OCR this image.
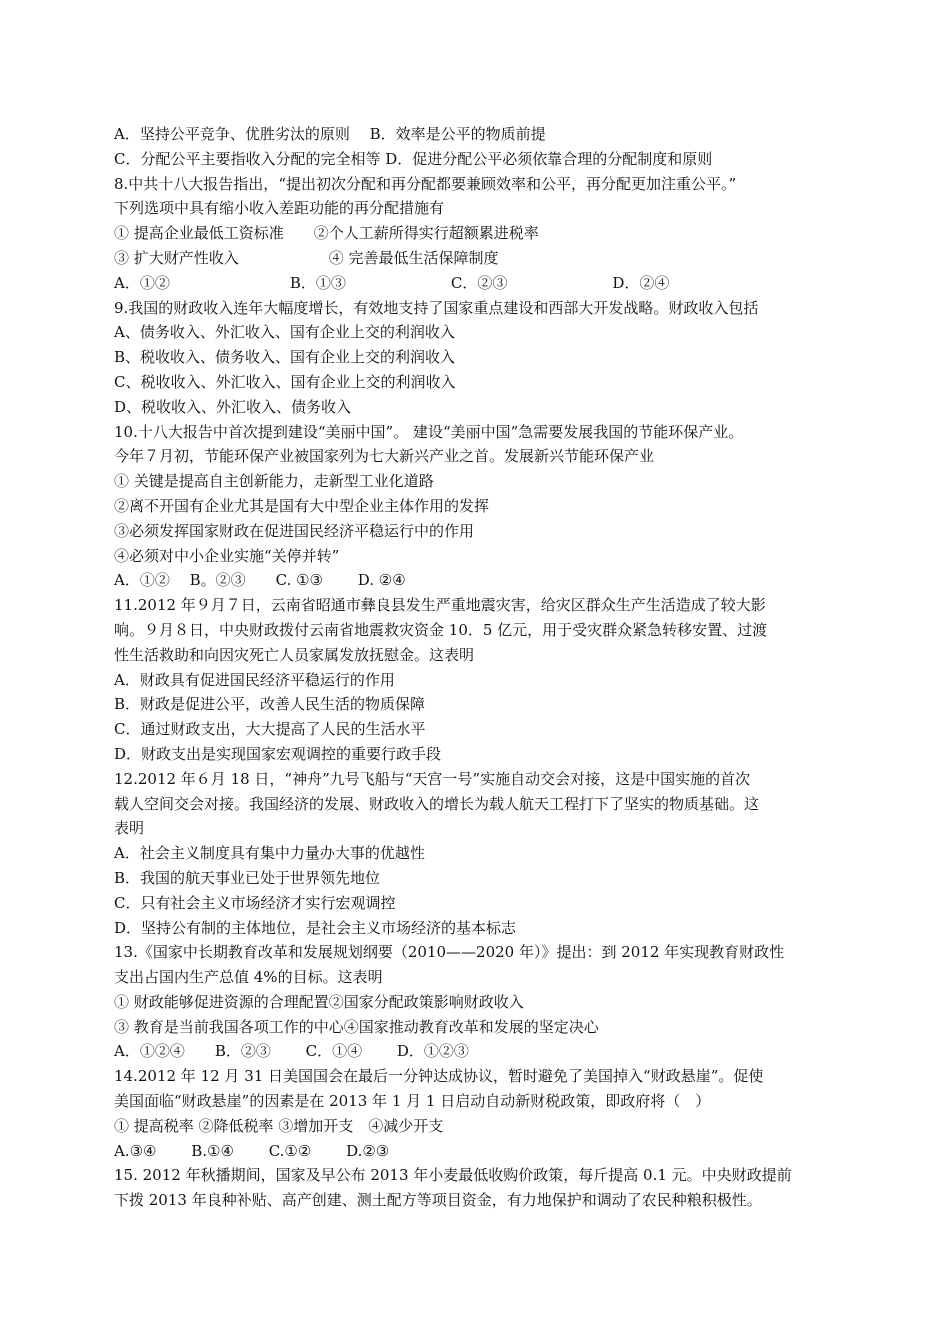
A．坚持公平竞争、优胜劣汰的原则　 B．效率是公平的物质前提
C．分配公平主要指收入分配的完全相等 D．促进分配公平必须依靠合理的分配制度和原则
8.中共十八大报告指出，“提出初次分配和再分配都要兼顾效率和公平，再分配更加注重公平。”
下列选项中具有缩小收入差距功能的再分配措施有
① 提高企业最低工资标准　　②个人工薪所得实行超额累进税率
③ 扩大财产性收入　　　　　　④ 完善最低生活保障制度
A．①②　　　　　　　　B．①③　　　　　　　C．②③　　　　　　　D．②④
9.我国的财政收入连年大幅度增长，有效地支持了国家重点建设和西部大开发战略。财政收入包括
A、债务收入、外汇收入、国有企业上交的利润收入
B、税收收入、债务收入、国有企业上交的利润收入
C、税收收入、外汇收入、国有企业上交的利润收入
D、税收收入、外汇收入、债务收入
10.十八大报告中首次提到建设“美丽中国”。 建设“美丽中国”急需要发展我国的节能环保产业。
今年７月初，节能环保产业被国家列为七大新兴产业之首。发展新兴节能环保产业
① 关键是提高自主创新能力，走新型工业化道路
②离不开国有企业尤其是国有大中型企业主体作用的发挥
③必须发挥国家财政在促进国民经济平稳运行中的作用
④必须对中小企业实施“关停并转”
A．①②　 B。②③　　C. ①③　　 D. ②④
11.2012 年９月７日，云南省昭通市彝良县发生严重地震灾害，给灾区群众生产生活造成了较大影
响。９月８日，中央财政拨付云南省地震救灾资金 10．5 亿元，用于受灾群众紧急转移安置、过渡
性生活救助和向因灾死亡人员家属发放抚慰金。这表明
A．财政具有促进国民经济平稳运行的作用
B．财政是促进公平，改善人民生活的物质保障
C．通过财政支出，大大提高了人民的生活水平
D．财政支出是实现国家宏观调控的重要行政手段
12.2012 年６月 18 日，“神舟”九号飞船与“天宫一号”实施自动交会对接，这是中国实施的首次
载人空间交会对接。我国经济的发展、财政收入的增长为载人航天工程打下了坚实的物质基础。这
表明
A．社会主义制度具有集中力量办大事的优越性
B．我国的航天事业已处于世界领先地位
C．只有社会主义市场经济才实行宏观调控
D．坚持公有制的主体地位，是社会主义市场经济的基本标志
13.《国家中长期教育改革和发展规划纲要（2010——2020 年）》提出：到 2012 年实现教育财政性
支出占国内生产总值 4%的目标。这表明
① 财政能够促进资源的合理配置②国家分配政策影响财政收入
③ 教育是当前我国各项工作的中心④国家推动教育改革和发展的坚定决心
A．①②④　　B．②③　　 C．①④　　 D．①②③
14.2012 年 12 月 31 日美国国会在最后一分钟达成协议，暂时避免了美国掉入“财政悬崖”。促使
美国面临“财政悬崖”的因素是在 2013 年 1 月 1 日启动自动新财税政策，即政府将（　）
① 提高税率 ②降低税率 ③增加开支　④减少开支
A.③④　　 B.①④　　 C.①②　　 D.②③
15. 2012 年秋播期间，国家及早公布 2013 年小麦最低收购价政策，每斤提高 0.1 元。中央财政提前
下拨 2013 年良种补贴、高产创建、测土配方等项目资金，有力地保护和调动了农民种粮积极性。
